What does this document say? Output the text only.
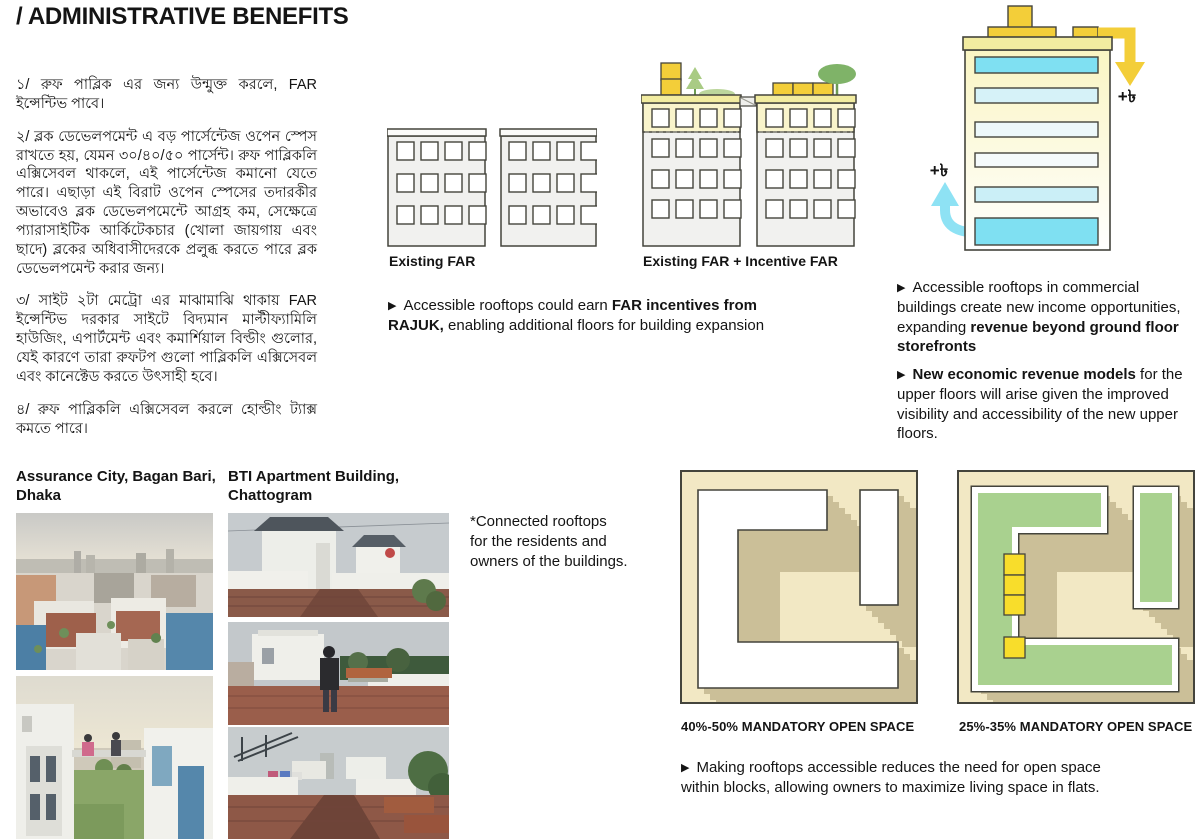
/ ADMINISTRATIVE BENEFITS

১/ রুফ পাব্লিক এর জন্য উন্মুক্ত করলে, FAR ইন্সেন্টিভ পাবে।

২/ ব্লক ডেভেলপমেন্ট এ বড় পার্সেন্টেজ ওপেন স্পেস রাখতে হয়, যেমন ৩০/৪০/৫০ পার্সেন্ট। রুফ পাব্লিকলি এক্সিসেবল থাকলে, এই পার্সেন্টেজ কমানো যেতে পারে। এছাড়া এই বিরাট ওপেন স্পেসের তদারকীর অভাবেও ব্লক ডেভেলপমেন্টে আগ্রহ কম, সেক্ষেত্রে প্যারাসাইটিক আর্কিটেকচার (খোলা জায়গায় এবং ছাদে) ব্লকের অধিবাসীদেরকে প্রলুব্ধ করতে পারে ব্লক ডেভেলপমেন্ট করার জন্য।

৩/ সাইট ২টা মেট্রো এর মাঝামাঝি থাকায় FAR ইন্সেন্টিভ দরকার সাইটে বিদ্যমান মাল্টীফ্যামিলি হাউজিং, এপার্টমেন্ট এবং কমার্শিয়াল বিল্ডীং গুলোর, যেই কারণে তারা রুফটপ গুলো পাব্লিকলি এক্সিসেবল এবং কানেক্টেড করতে উৎসাহী হবে।

৪/ রুফ পাব্লিকলি এক্সিসেবল করলে হোল্ডীং ট্যাক্স কমতে পারে।

Existing FAR	Existing FAR + Incentive FAR
▶ Accessible rooftops could earn FAR incentives from RAJUK, enabling additional floors for building expansion
+৳
+৳
▶ Accessible rooftops in commercial buildings create new income opportunities, expanding revenue beyond ground floor storefronts
▶ New economic revenue models for the upper floors will arise given the improved visibility and accessibility of the new upper floors.
Assurance City, Bagan Bari, Dhaka
BTI Apartment Building, Chattogram
*Connected rooftops for the residents and owners of the buildings.
40%-50% MANDATORY OPEN SPACE	25%-35% MANDATORY OPEN SPACE
▶ Making rooftops accessible reduces the need for open space within blocks, allowing owners to maximize living space in flats.
